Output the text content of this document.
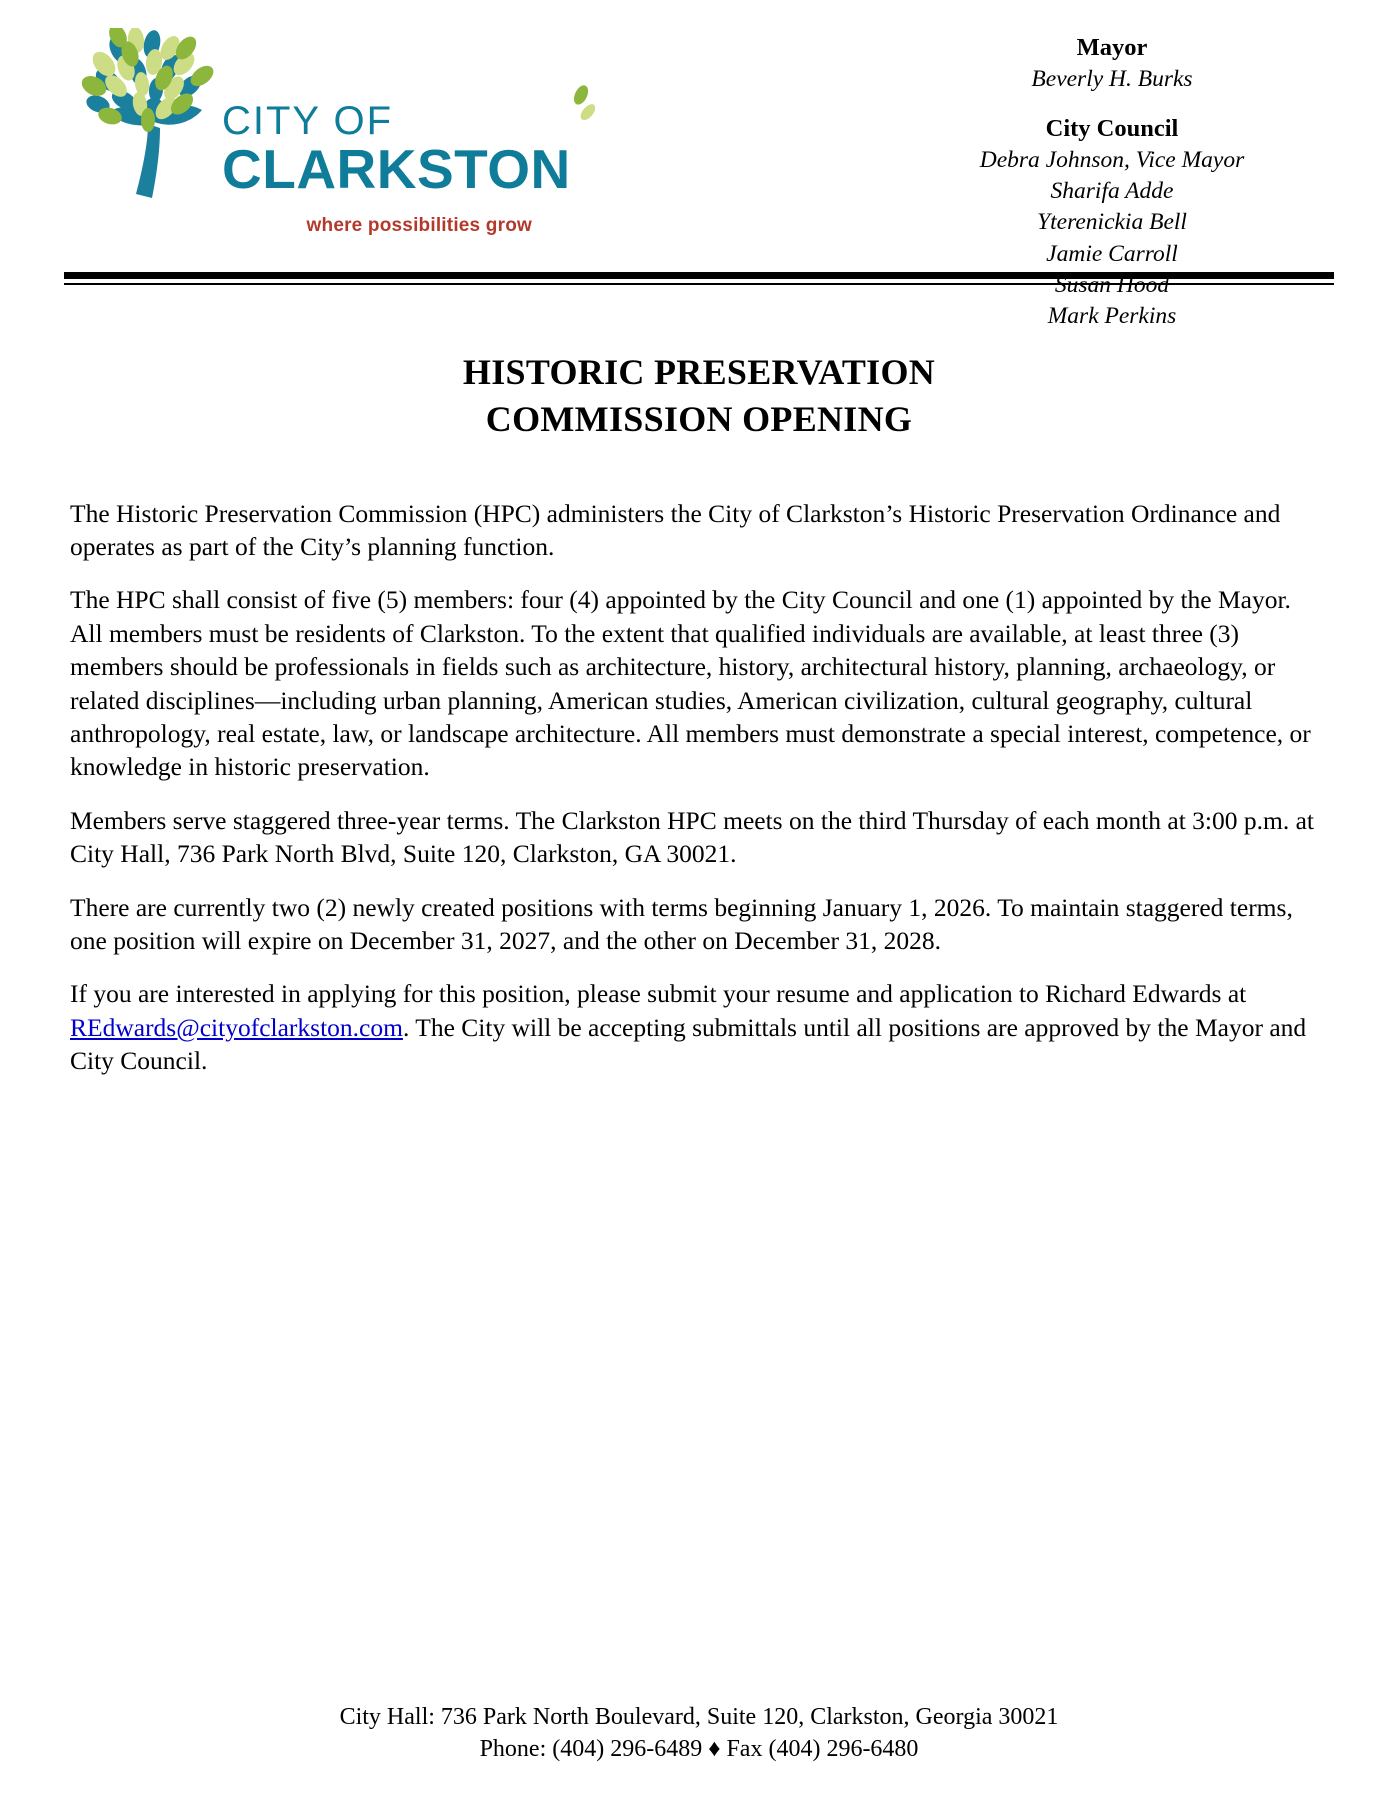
CITY OF
CLARKSTON
where possibilities grow
Mayor
Beverly H. Burks
City Council
Debra Johnson, Vice Mayor
Sharifa Adde
Yterenickia Bell
Jamie Carroll
Susan Hood
Mark Perkins
HISTORIC PRESERVATION
COMMISSION OPENING

The Historic Preservation Commission (HPC) administers the City of Clarkston’s Historic Preservation Ordinance and operates as part of the City’s planning function.

The HPC shall consist of five (5) members: four (4) appointed by the City Council and one (1) appointed by the Mayor. All members must be residents of Clarkston. To the extent that qualified individuals are available, at least three (3) members should be professionals in fields such as architecture, history, architectural history, planning, archaeology, or related disciplines—including urban planning, American studies, American civilization, cultural geography, cultural anthropology, real estate, law, or landscape architecture. All members must demonstrate a special interest, competence, or knowledge in historic preservation.

Members serve staggered three-year terms. The Clarkston HPC meets on the third Thursday of each month at 3:00 p.m. at City Hall, 736 Park North Blvd, Suite 120, Clarkston, GA 30021.

There are currently two (2) newly created positions with terms beginning January 1, 2026. To maintain staggered terms, one position will expire on December 31, 2027, and the other on December 31, 2028.

If you are interested in applying for this position, please submit your resume and application to Richard Edwards at REdwards@cityofclarkston.com. The City will be accepting submittals until all positions are approved by the Mayor and City Council.

City Hall: 736 Park North Boulevard, Suite 120, Clarkston, Georgia 30021
Phone: (404) 296-6489 ♦ Fax (404) 296-6480
